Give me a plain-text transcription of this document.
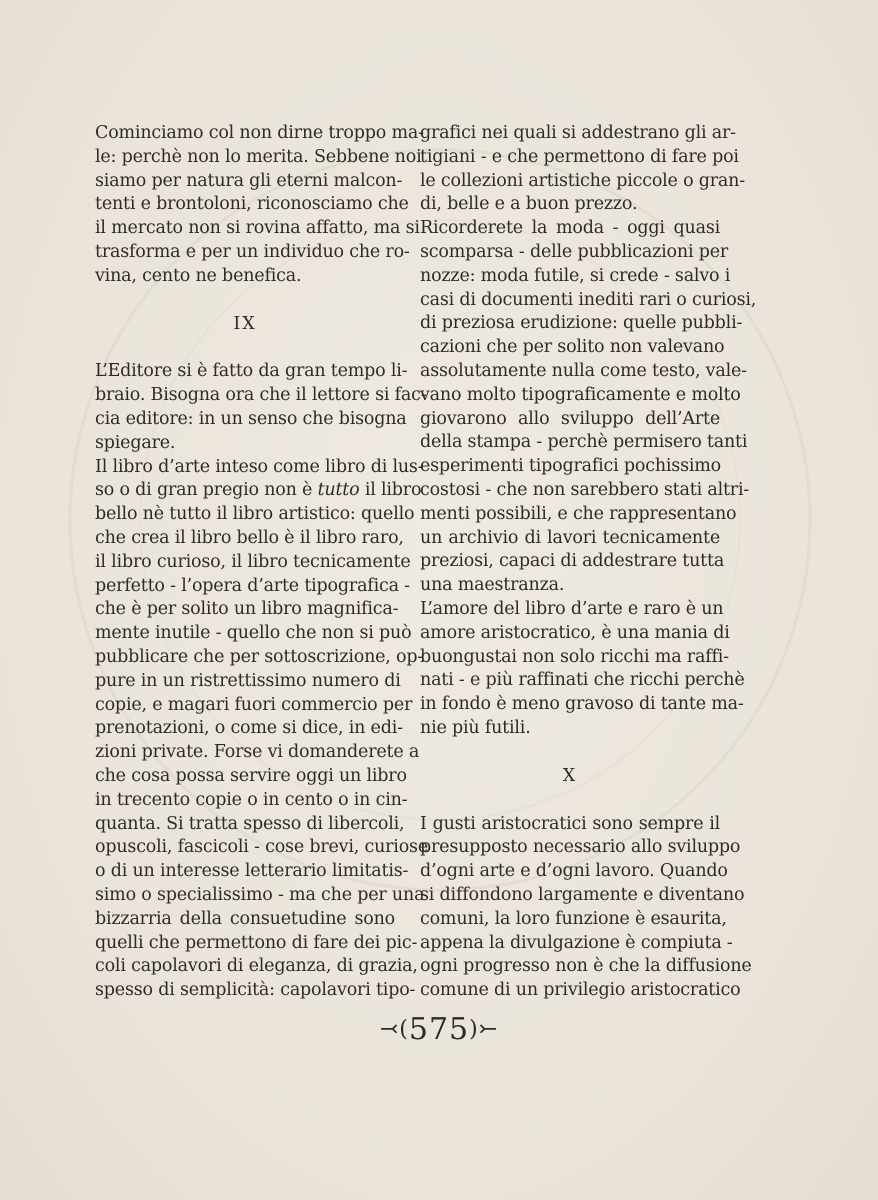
Cominciamo col non dirne troppo ma-
le: perchè non lo merita. Sebbene noi
siamo per natura gli eterni malcon-
tenti e brontoloni, riconosciamo che
il mercato non si rovina affatto, ma si
trasforma e per un individuo che ro-
vina, cento ne benefica.
IX
L’Editore si è fatto da gran tempo li-
braio. Bisogna ora che il lettore si fac-
cia editore: in un senso che bisogna
spiegare.
Il libro d’arte inteso come libro di lus-
so o di gran pregio non è tutto il libro
bello nè tutto il libro artistico: quello
che crea il libro bello è il libro raro,
il libro curioso, il libro tecnicamente
perfetto - l’opera d’arte tipografica -
che è per solito un libro magnifica-
mente inutile - quello che non si può
pubblicare che per sottoscrizione, op-
pure in un ristrettissimo numero di
copie, e magari fuori commercio per
prenotazioni, o come si dice, in edi-
zioni private. Forse vi domanderete a
che cosa possa servire oggi un libro
in trecento copie o in cento o in cin-
quanta. Si tratta spesso di libercoli,
opuscoli, fascicoli - cose brevi, curiose
o di un interesse letterario limitatis-
simo o specialissimo - ma che per una
bizzarria della consuetudine sono
quelli che permettono di fare dei pic-
coli capolavori di eleganza, di grazia,
spesso di semplicità: capolavori tipo-
grafici nei quali si addestrano gli ar-
tigiani - e che permettono di fare poi
le collezioni artistiche piccole o gran-
di, belle e a buon prezzo.
Ricorderete la moda - oggi quasi
scomparsa - delle pubblicazioni per
nozze: moda futile, si crede - salvo i
casi di documenti inediti rari o curiosi,
di preziosa erudizione: quelle pubbli-
cazioni che per solito non valevano
assolutamente nulla come testo, vale-
vano molto tipograficamente e molto
giovarono allo sviluppo dell’Arte
della stampa - perchè permisero tanti
esperimenti tipografici pochissimo
costosi - che non sarebbero stati altri-
menti possibili, e che rappresentano
un archivio di lavori tecnicamente
preziosi, capaci di addestrare tutta
una maestranza.
L’amore del libro d’arte e raro è un
amore aristocratico, è una mania di
buongustai non solo ricchi ma raffi-
nati - e più raffinati che ricchi perchè
in fondo è meno gravoso di tante ma-
nie più futili.
X
I gusti aristocratici sono sempre il
presupposto necessario allo sviluppo
d’ogni arte e d’ogni lavoro. Quando
si diffondono largamente e diventano
comuni, la loro funzione è esaurita,
appena la divulgazione è compiuta -
ogni progresso non è che la diffusione
comune di un privilegio aristocratico
⤙(575)⤚
